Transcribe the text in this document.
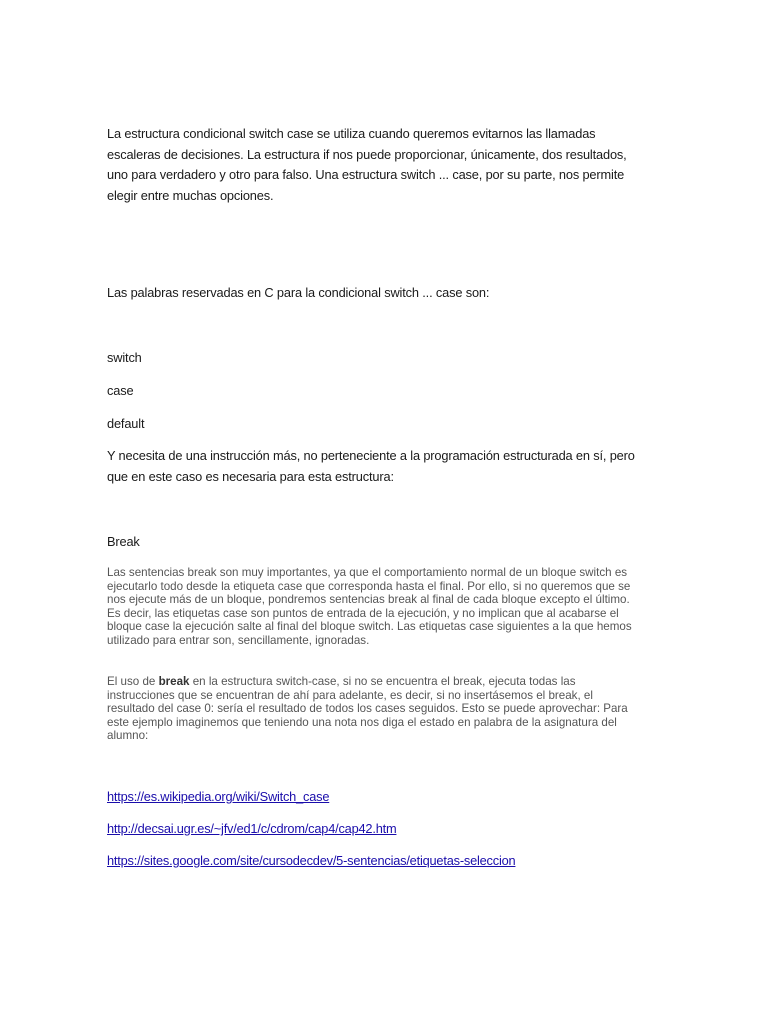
La estructura condicional switch case se utiliza cuando queremos evitarnos las llamadas escaleras de decisiones. La estructura if nos puede proporcionar, únicamente, dos resultados, uno para verdadero y otro para falso. Una estructura switch ... case, por su parte, nos permite elegir entre muchas opciones.

Las palabras reservadas en C para la condicional switch ... case son:

switch

case

default

Y necesita de una instrucción más, no perteneciente a la programación estructurada en sí, pero que en este caso es necesaria para esta estructura:

Break

Las sentencias break son muy importantes, ya que el comportamiento normal de un bloque switch es ejecutarlo todo desde la etiqueta case que corresponda hasta el final. Por ello, si no queremos que se nos ejecute más de un bloque, pondremos sentencias break al final de cada bloque excepto el último. Es decir, las etiquetas case son puntos de entrada de la ejecución, y no implican que al acabarse el bloque case la ejecución salte al final del bloque switch. Las etiquetas case siguientes a la que hemos utilizado para entrar son, sencillamente, ignoradas.

El uso de break en la estructura switch-case, si no se encuentra el break, ejecuta todas las instrucciones que se encuentran de ahí para adelante, es decir, si no insertásemos el break, el resultado del case 0: sería el resultado de todos los cases seguidos. Esto se puede aprovechar: Para este ejemplo imaginemos que teniendo una nota nos diga el estado en palabra de la asignatura del alumno:

https://es.wikipedia.org/wiki/Switch_case
http://decsai.ugr.es/~jfv/ed1/c/cdrom/cap4/cap42.htm
https://sites.google.com/site/cursodecdev/5-sentencias/etiquetas-seleccion
